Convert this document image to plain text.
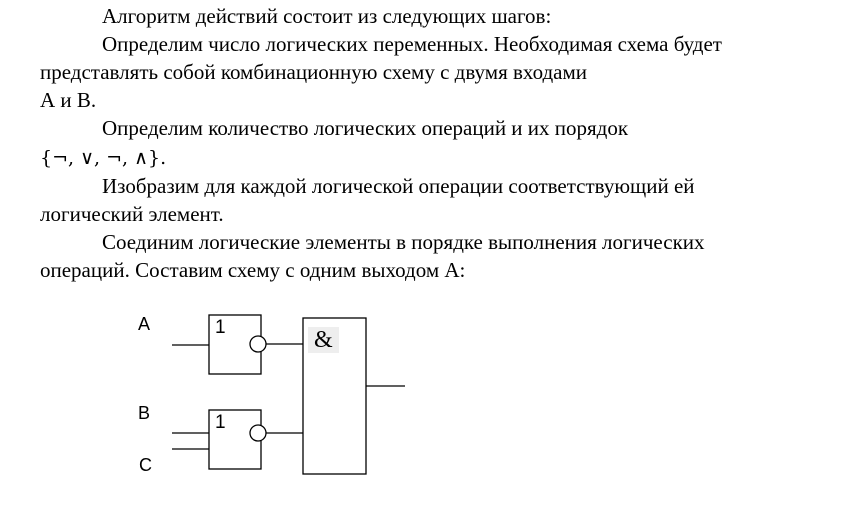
Алгоритм действий состоит из следующих шагов:
Определим число логических переменных. Необходимая схема будет
представлять собой комбинационную схему с двумя входами
А и В.
Определим количество логических операций и их порядок
{¬, ∨, ¬, ∧}.
Изобразим для каждой логической операции соответствующий ей
логический элемент.
Соединим логические элементы в порядке выполнения логических
операций. Составим схему с одним выходом А:
A
B
C
1
1
&
